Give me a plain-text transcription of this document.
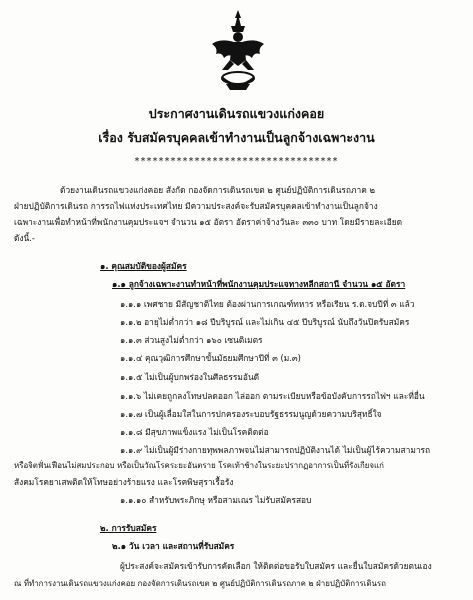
ประกาศงานเดินรถแขวงแก่งคอย
เรื่อง รับสมัครบุคคลเข้าทำงานเป็นลูกจ้างเฉพาะงาน
**********************************
ด้วยงานเดินรถแขวงแก่งคอย สังกัด กองจัดการเดินรถเขต ๒ ศูนย์ปฏิบัติการเดินรถภาค ๒
ฝ่ายปฏิบัติการเดินรถ การรถไฟแห่งประเทศไทย มีความประสงค์จะรับสมัครบุคคลเข้าทำงานเป็นลูกจ้าง
เฉพาะงานเพื่อทำหน้าที่พนักงานคุมประแจฯ จำนวน ๑๕ อัตรา อัตราค่าจ้างวันละ ๓๓๐ บาท โดยมีรายละเอียด
ดังนี้.-
๑. คุณสมบัติของผู้สมัคร
๑.๑ ลูกจ้างเฉพาะงานทำหน้าที่พนักงานคุมประแจทางหลีกสถานี จำนวน ๑๕ อัตรา
๑.๑.๑ เพศชาย มีสัญชาติไทย ต้องผ่านการเกณฑ์ทหาร หรือเรียน ร.ด.จบปีที่ ๓ แล้ว
๑.๑.๒ อายุไม่ต่ำกว่า ๑๘ ปีบริบูรณ์ และไม่เกิน ๔๕ ปีบริบูรณ์ นับถึงวันปิดรับสมัคร
๑.๑.๓ ส่วนสูงไม่ต่ำกว่า ๑๖๐ เซนติเมตร
๑.๑.๔ คุณวุฒิการศึกษาขั้นมัธยมศึกษาปีที่ ๓ (ม.๓)
๑.๑.๕ ไม่เป็นผู้บกพร่องในศีลธรรมอันดี
๑.๑.๖ ไม่เคยถูกลงโทษปลดออก ไล่ออก ตามระเบียบหรือข้อบังคับการรถไฟฯ และที่อื่น
๑.๑.๗ เป็นผู้เลื่อมใสในการปกครองระบอบรัฐธรรมนูญด้วยความบริสุทธิ์ใจ
๑.๑.๘ มีสุขภาพแข็งแรง ไม่เป็นโรคติดต่อ
๑.๑.๙ ไม่เป็นผู้มีร่างกายทุพพลภาพจนไม่สามารถปฏิบัติงานได้ ไม่เป็นผู้ไร้ความสามารถ
หรือจิตฟั่นเฟือนไม่สมประกอบ หรือเป็นวัณโรคระยะอันตราย โรคเท้าช้างในระยะปรากฏอาการเป็นที่รังเกียจแก่
สังคมโรคยาเสพติดให้โทษอย่างร้ายแรง และโรคพิษสุราเรื้อรัง
๑.๑.๑๐ สำหรับพระภิกษุ หรือสามเณร ไม่รับสมัครสอบ
๒. การรับสมัคร
๒.๑ วัน เวลา และสถานที่รับสมัคร
ผู้ประสงค์จะสมัครเข้ารับการคัดเลือก ให้ติดต่อขอรับใบสมัคร และยื่นใบสมัครด้วยตนเอง
ณ ที่ทำการงานเดินรถแขวงแก่งคอย กองจัดการเดินรถเขต ๒ ศูนย์ปฏิบัติการเดินรถภาค ๒ ฝ่ายปฏิบัติการเดินรถ
